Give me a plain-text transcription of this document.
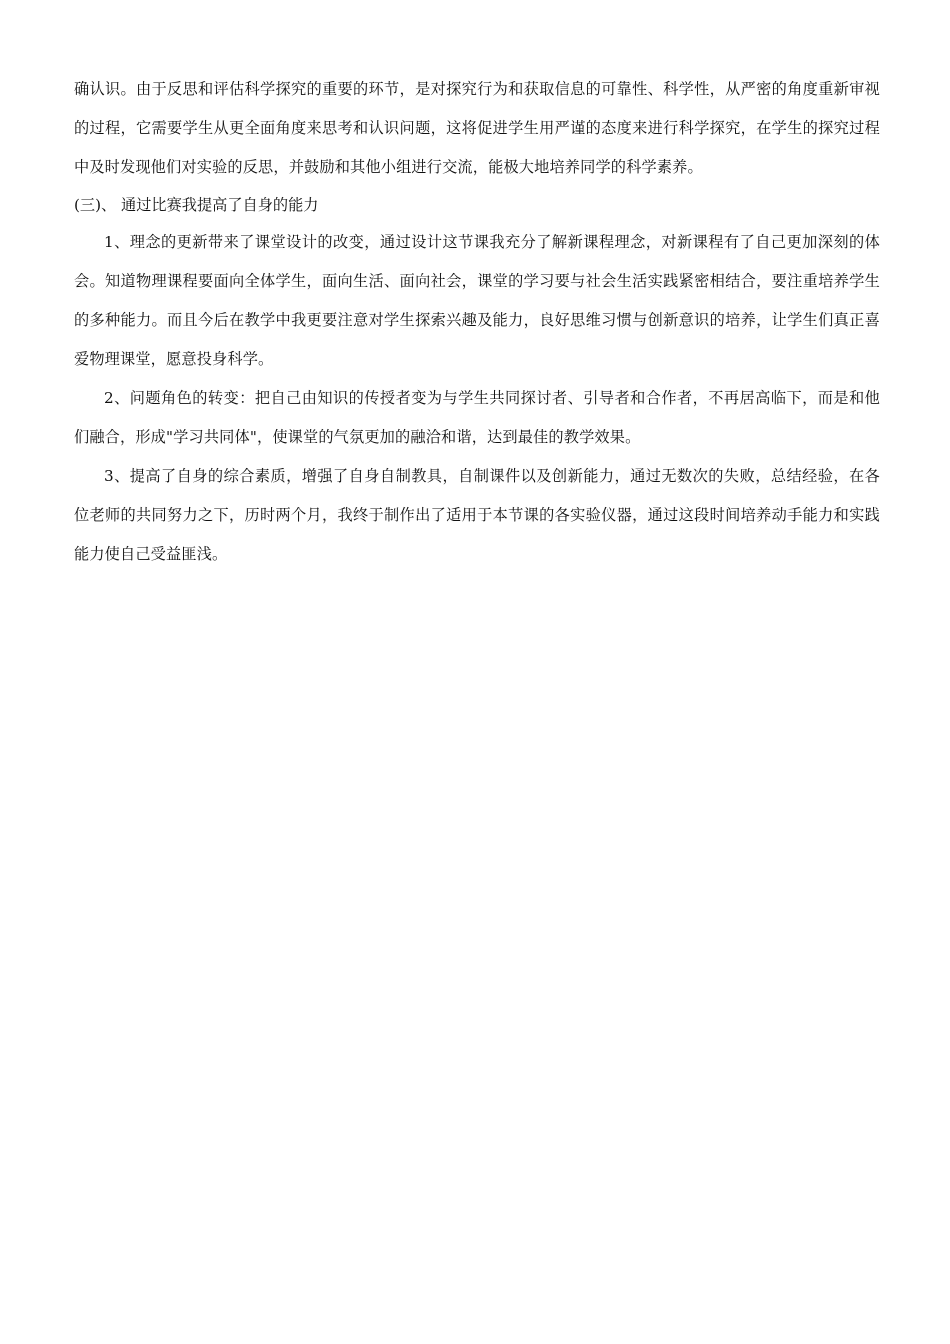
确认识。由于反思和评估科学探究的重要的环节，是对探究行为和获取信息的可靠性、科学性，从严密的角度重新审视的过程，它需要学生从更全面角度来思考和认识问题，这将促进学生用严谨的态度来进行科学探究，在学生的探究过程中及时发现他们对实验的反思，并鼓励和其他小组进行交流，能极大地培养同学的科学素养。

(三)、 通过比赛我提高了自身的能力

1、理念的更新带来了课堂设计的改变，通过设计这节课我充分了解新课程理念，对新课程有了自己更加深刻的体会。知道物理课程要面向全体学生，面向生活、面向社会，课堂的学习要与社会生活实践紧密相结合，要注重培养学生的多种能力。而且今后在教学中我更要注意对学生探索兴趣及能力，良好思维习惯与创新意识的培养，让学生们真正喜爱物理课堂，愿意投身科学。

2、问题角色的转变：把自己由知识的传授者变为与学生共同探讨者、引导者和合作者，不再居高临下，而是和他们融合，形成"学习共同体"，使课堂的气氛更加的融洽和谐，达到最佳的教学效果。

3、提高了自身的综合素质，增强了自身自制教具，自制课件以及创新能力，通过无数次的失败，总结经验，在各位老师的共同努力之下，历时两个月，我终于制作出了适用于本节课的各实验仪器，通过这段时间培养动手能力和实践能力使自己受益匪浅。
